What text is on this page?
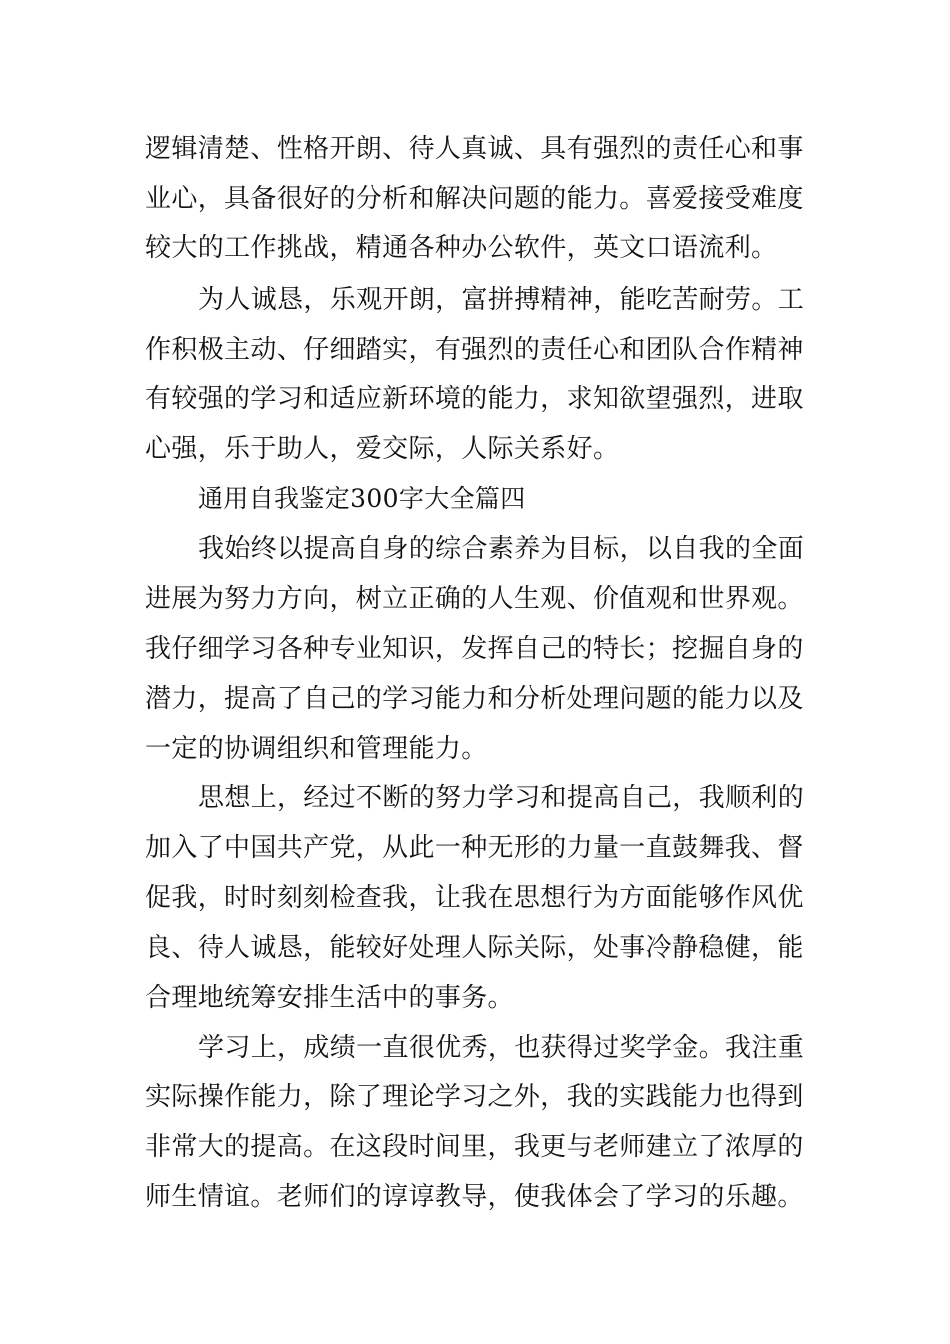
逻辑清楚、性格开朗、待人真诚、具有强烈的责任心和事
业心，具备很好的分析和解决问题的能力。喜爱接受难度
较大的工作挑战，精通各种办公软件，英文口语流利。
为人诚恳，乐观开朗，富拼搏精神，能吃苦耐劳。工
作积极主动、仔细踏实，有强烈的责任心和团队合作精神
有较强的学习和适应新环境的能力，求知欲望强烈，进取
心强，乐于助人，爱交际，人际关系好。
通用自我鉴定300字大全篇四
我始终以提高自身的综合素养为目标，以自我的全面
进展为努力方向，树立正确的人生观、价值观和世界观。
我仔细学习各种专业知识，发挥自己的特长；挖掘自身的
潜力，提高了自己的学习能力和分析处理问题的能力以及
一定的协调组织和管理能力。
思想上，经过不断的努力学习和提高自己，我顺利的
加入了中国共产党，从此一种无形的力量一直鼓舞我、督
促我，时时刻刻检查我，让我在思想行为方面能够作风优
良、待人诚恳，能较好处理人际关际，处事冷静稳健，能
合理地统筹安排生活中的事务。
学习上，成绩一直很优秀，也获得过奖学金。我注重
实际操作能力，除了理论学习之外，我的实践能力也得到
非常大的提高。在这段时间里，我更与老师建立了浓厚的
师生情谊。老师们的谆谆教导，使我体会了学习的乐趣。
